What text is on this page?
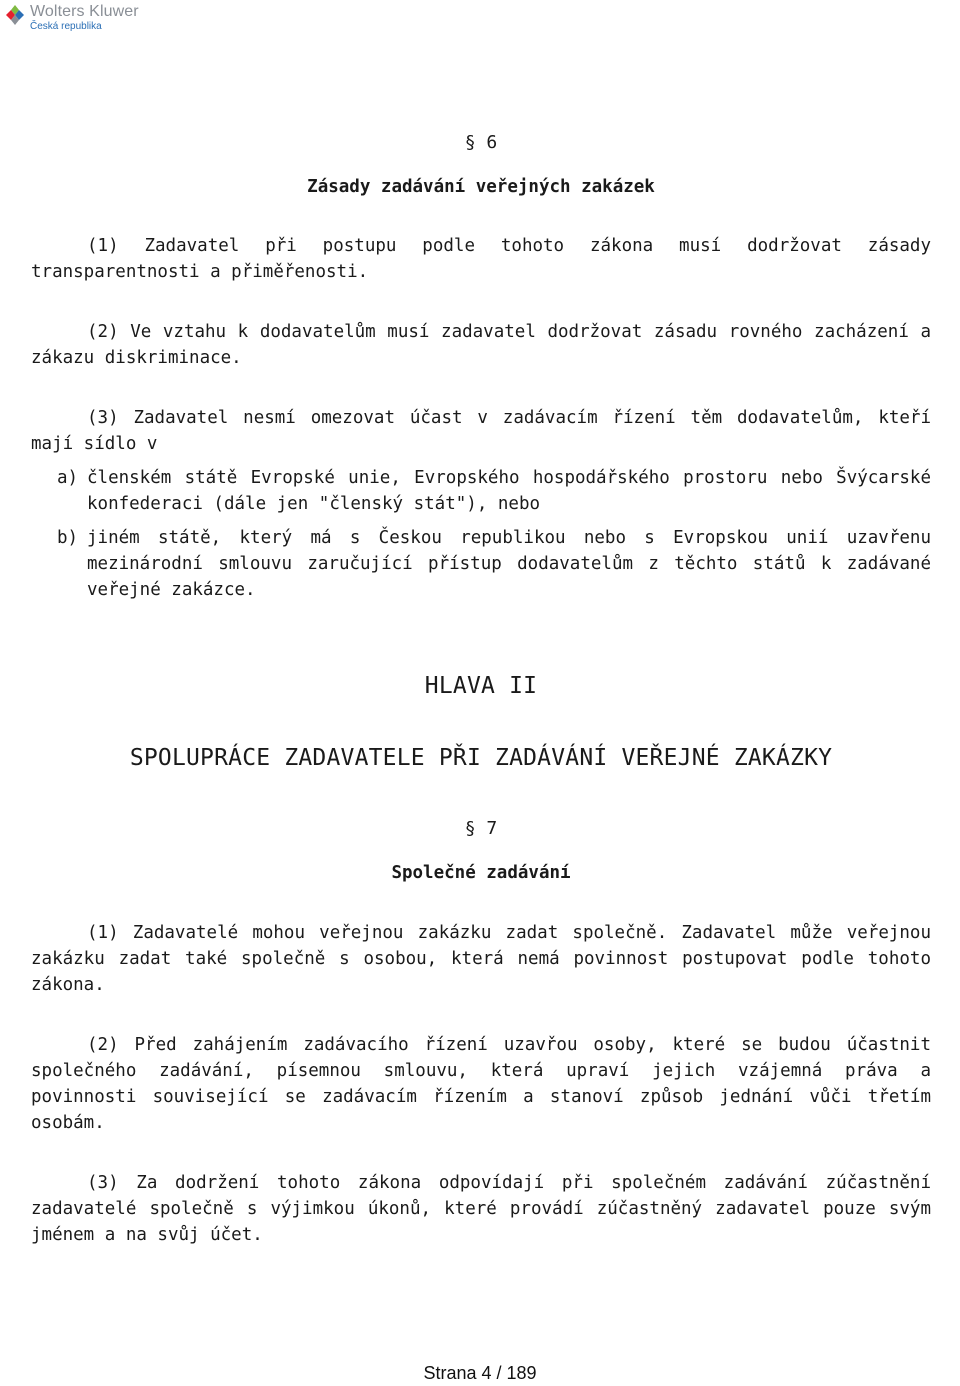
Wolters Kluwer
Česká republika
§ 6
Zásady zadávání veřejných zakázek
(1) Zadavatel při postupu podle tohoto zákona musí dodržovat zásady transparentnosti a přiměřenosti.
(2) Ve vztahu k dodavatelům musí zadavatel dodržovat zásadu rovného zacházení a zákazu diskriminace.
(3) Zadavatel nesmí omezovat účast v zadávacím řízení těm dodavatelům, kteří mají sídlo v
a) členském státě Evropské unie, Evropského hospodářského prostoru nebo Švýcarské konfederaci (dále jen "členský stát"), nebo
b) jiném státě, který má s Českou republikou nebo s Evropskou unií uzavřenu mezinárodní smlouvu zaručující přístup dodavatelům z těchto států k zadávané veřejné zakázce.
HLAVA II
SPOLUPRÁCE ZADAVATELE PŘI ZADÁVÁNÍ VEŘEJNÉ ZAKÁZKY
§ 7
Společné zadávání
(1) Zadavatelé mohou veřejnou zakázku zadat společně. Zadavatel může veřejnou zakázku zadat také společně s osobou, která nemá povinnost postupovat podle tohoto zákona.
(2) Před zahájením zadávacího řízení uzavřou osoby, které se budou účastnit společného zadávání, písemnou smlouvu, která upraví jejich vzájemná práva a povinnosti související se zadávacím řízením a stanoví způsob jednání vůči třetím osobám.
(3) Za dodržení tohoto zákona odpovídají při společném zadávání zúčastnění zadavatelé společně s výjimkou úkonů, které provádí zúčastněný zadavatel pouze svým jménem a na svůj účet.
Strana 4 / 189
